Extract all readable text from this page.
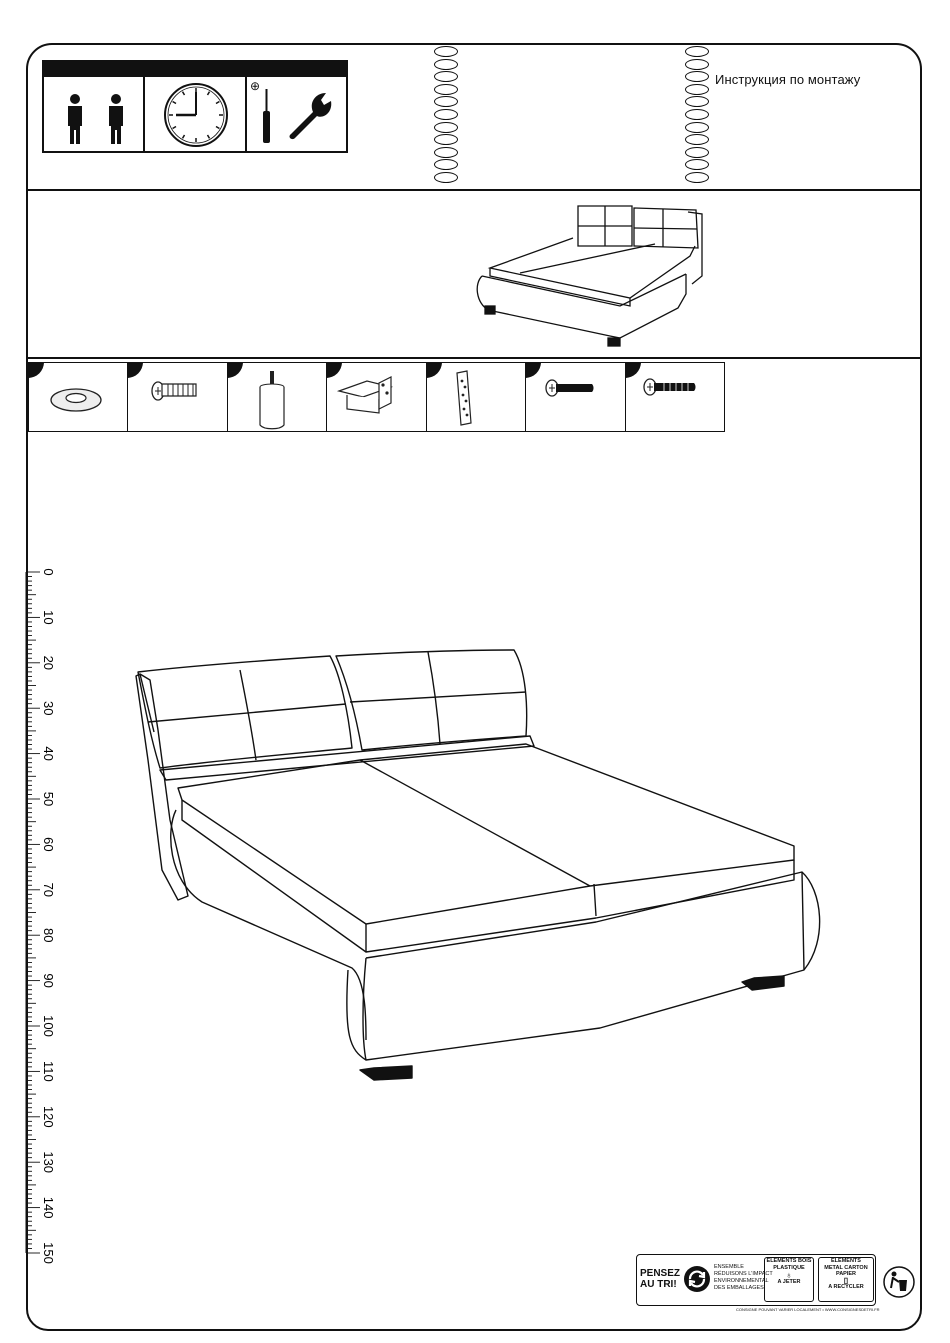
⊕	Инструкция по монтажу
0
10
20
30
40
50
60
70
80
90
100
110
120
130
140
150
PENSEZ
AU TRI!
ENSEMBLE
RÉDUISONS L'IMPACT
ENVIRONNEMENTAL
DES EMBALLAGES
ELEMENTS BOIS
PLASTIQUE
♁
A JETER
ELEMENTS
METAL CARTON
PAPIER
▯
A RECYCLER
CONSIGNE POUVANT VARIER LOCALEMENT • WWW.CONSIGNESDETRI.FR
